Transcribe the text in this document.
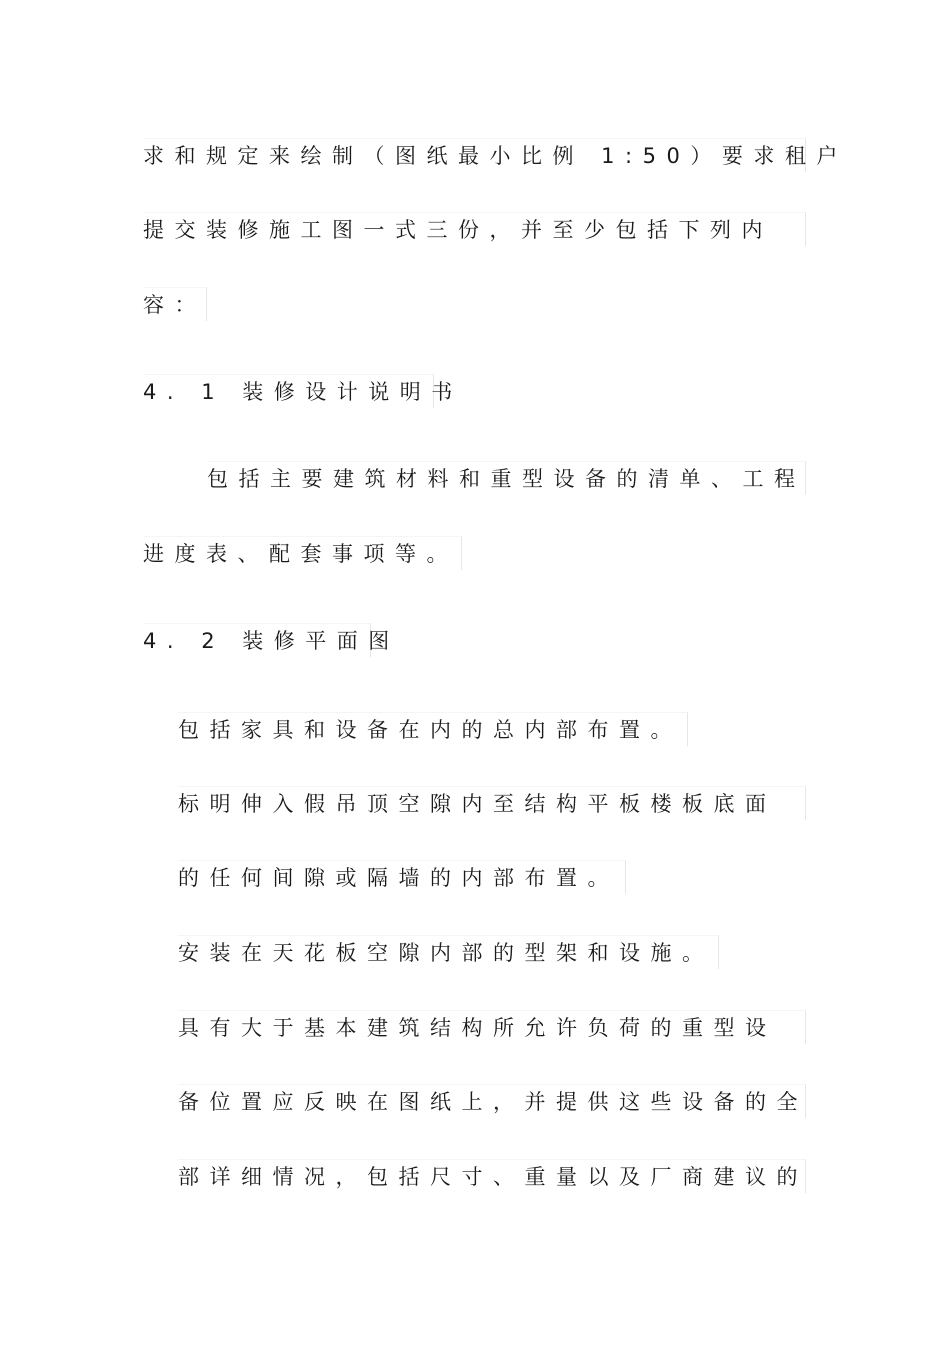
求和规定来绘制（图纸最小比例 1:50）要求租户
提交装修施工图一式三份，并至少包括下列内
容：
4. 1 装修设计说明书
包括主要建筑材料和重型设备的清单、工程
进度表、配套事项等。
4. 2 装修平面图
包括家具和设备在内的总内部布置。
标明伸入假吊顶空隙内至结构平板楼板底面
的任何间隙或隔墙的内部布置。
安装在天花板空隙内部的型架和设施。
具有大于基本建筑结构所允许负荷的重型设
备位置应反映在图纸上，并提供这些设备的全
部详细情况，包括尺寸、重量以及厂商建议的
